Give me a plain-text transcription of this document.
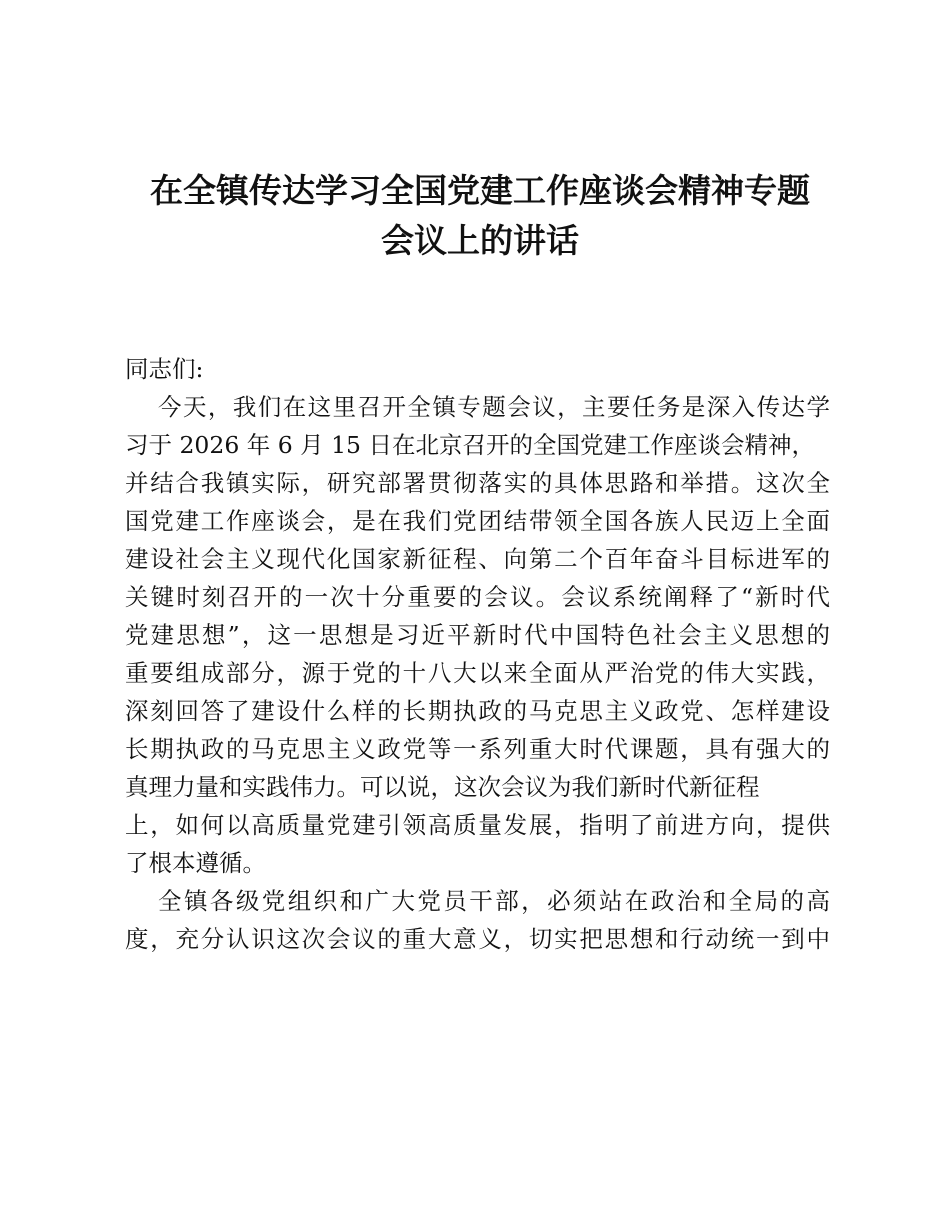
在全镇传达学习全国党建工作座谈会精神专题
会议上的讲话
同志们:
今天，我们在这里召开全镇专题会议，主要任务是深入传达学
习于 2026 年 6 月 15 日在北京召开的全国党建工作座谈会精神，
并结合我镇实际，研究部署贯彻落实的具体思路和举措。这次全
国党建工作座谈会，是在我们党团结带领全国各族人民迈上全面
建设社会主义现代化国家新征程、向第二个百年奋斗目标进军的
关键时刻召开的一次十分重要的会议。会议系统阐释了“新时代
党建思想”，这一思想是习近平新时代中国特色社会主义思想的
重要组成部分，源于党的十八大以来全面从严治党的伟大实践，
深刻回答了建设什么样的长期执政的马克思主义政党、怎样建设
长期执政的马克思主义政党等一系列重大时代课题，具有强大的
真理力量和实践伟力。可以说，这次会议为我们新时代新征程
上，如何以高质量党建引领高质量发展，指明了前进方向，提供
了根本遵循。
全镇各级党组织和广大党员干部，必须站在政治和全局的高
度，充分认识这次会议的重大意义，切实把思想和行动统一到中
